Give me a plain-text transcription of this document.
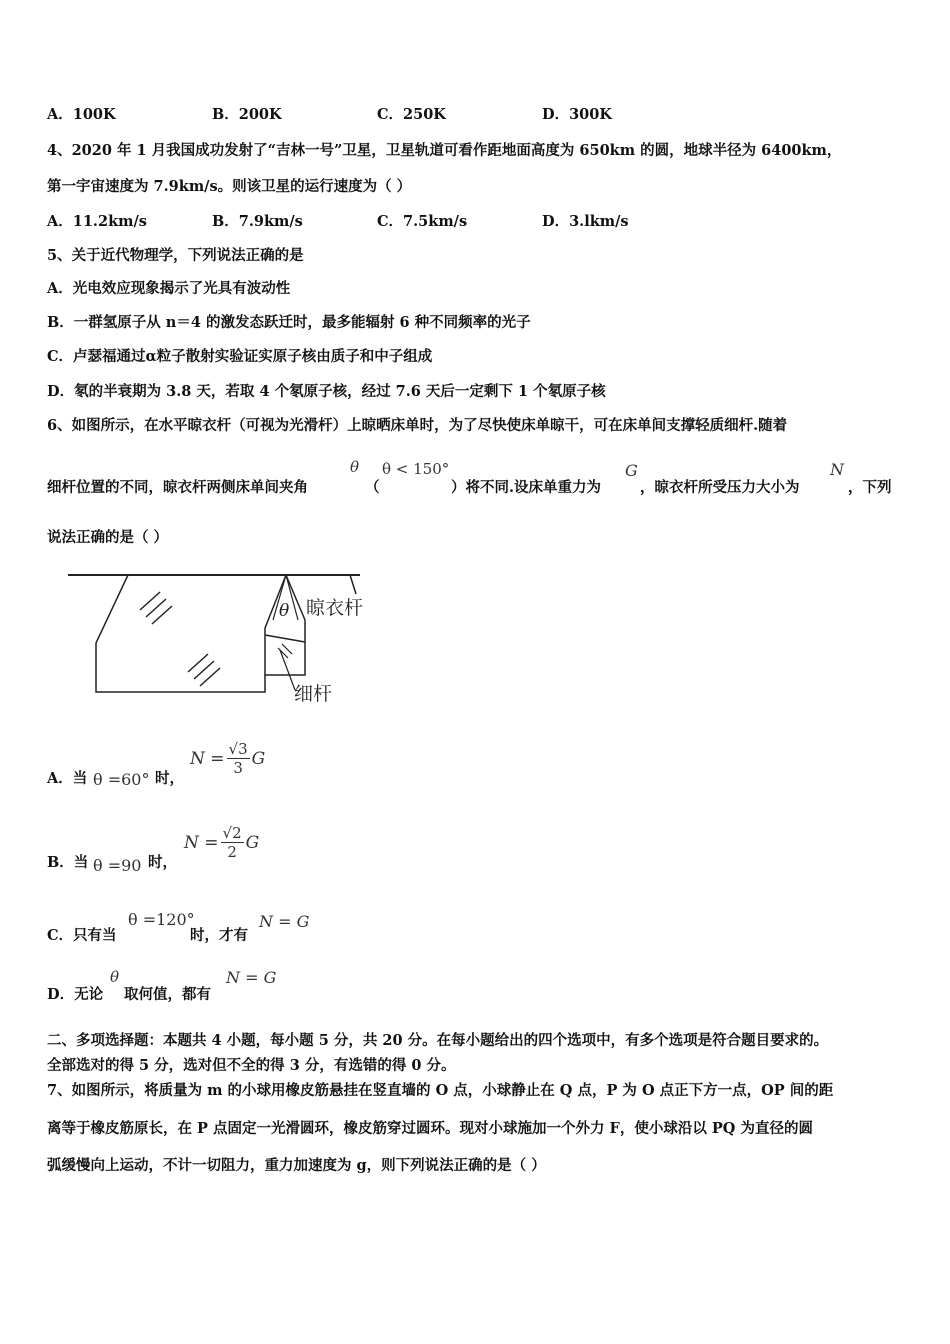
A．100K	B．200K	C．250K	D．300K
4、2020 年 1 月我国成功发射了“吉林一号”卫星，卫星轨道可看作距地面高度为 650km 的圆，地球半径为 6400km，
第一宇宙速度为 7.9km/s。则该卫星的运行速度为（ ）
A．11.2km/s	B．7.9km/s	C．7.5km/s	D．3.lkm/s
5、关于近代物理学，下列说法正确的是
A．光电效应现象揭示了光具有波动性
B．一群氢原子从 n＝4 的激发态跃迁时，最多能辐射 6 种不同频率的光子
C．卢瑟福通过α粒子散射实验证实原子核由质子和中子组成
D．氡的半衰期为 3.8 天，若取 4 个氡原子核，经过 7.6 天后一定剩下 1 个氡原子核
6、如图所示，在水平晾衣杆（可视为光滑杆）上晾晒床单时，为了尽快使床单晾干，可在床单间支撑轻质细杆.随着
细杆位置的不同，晾衣杆两侧床单间夹角
θ
（
θ < 150°
）将不同.设床单重力为
G
，晾衣杆所受压力大小为
N
，下列
说法正确的是（ ）
θ 晾衣杆
细杆
A．当 θ =60° 时，
$N = \frac{√3}{3}$ G
B．当 θ =90 时，
$N = \frac{√2}{2}$ G
C．只有当
θ =120°
时，才有
N = G
D．无论
θ
取何值，都有
N = G
二、多项选择题：本题共 4 小题，每小题 5 分，共 20 分。在每小题给出的四个选项中，有多个选项是符合题目要求的。
全部选对的得 5 分，选对但不全的得 3 分，有选错的得 0 分。
7、如图所示，将质量为 m 的小球用橡皮筋悬挂在竖直墙的 O 点，小球静止在 Q 点，P 为 O 点正下方一点，OP 间的距
离等于橡皮筋原长，在 P 点固定一光滑圆环，橡皮筋穿过圆环。现对小球施加一个外力 F，使小球沿以 PQ 为直径的圆
弧缓慢向上运动，不计一切阻力，重力加速度为 g，则下列说法正确的是（ ）
